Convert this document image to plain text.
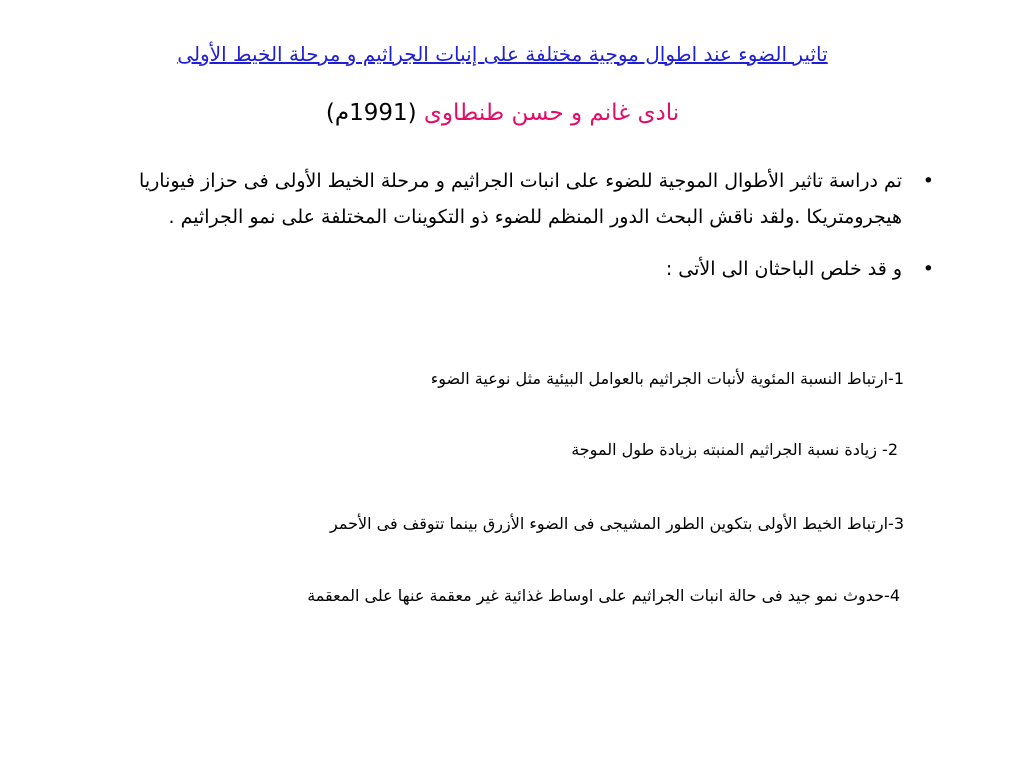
تاثير الضوء عند اطوال موجية مختلفة على إنبات الجراثيم و مرحلة الخيط الأولى
نادى غانم و حسن طنطاوى (1991م)
•
تم دراسة تاثير الأطوال الموجية للضوء على انبات الجراثيم و مرحلة الخيط الأولى فى حزاز فيوناريا هيجرومتريكا .ولقد ناقش البحث الدور المنظم للضوء ذو التكوينات المختلفة على نمو الجراثيم .
•
و قد خلص الباحثان الى الأتى :
1-ارتباط النسبة المئوية لأنبات الجراثيم بالعوامل البيئية مثل نوعية الضوء
2- زيادة نسبة الجراثيم المنبته بزيادة طول الموجة
3-ارتباط الخيط الأولى بتكوين الطور المشيجى فى الضوء الأزرق بينما تتوقف فى الأحمر
4-حدوث نمو جيد فى حالة انبات الجراثيم على اوساط غذائية غير معقمة عنها على المعقمة
